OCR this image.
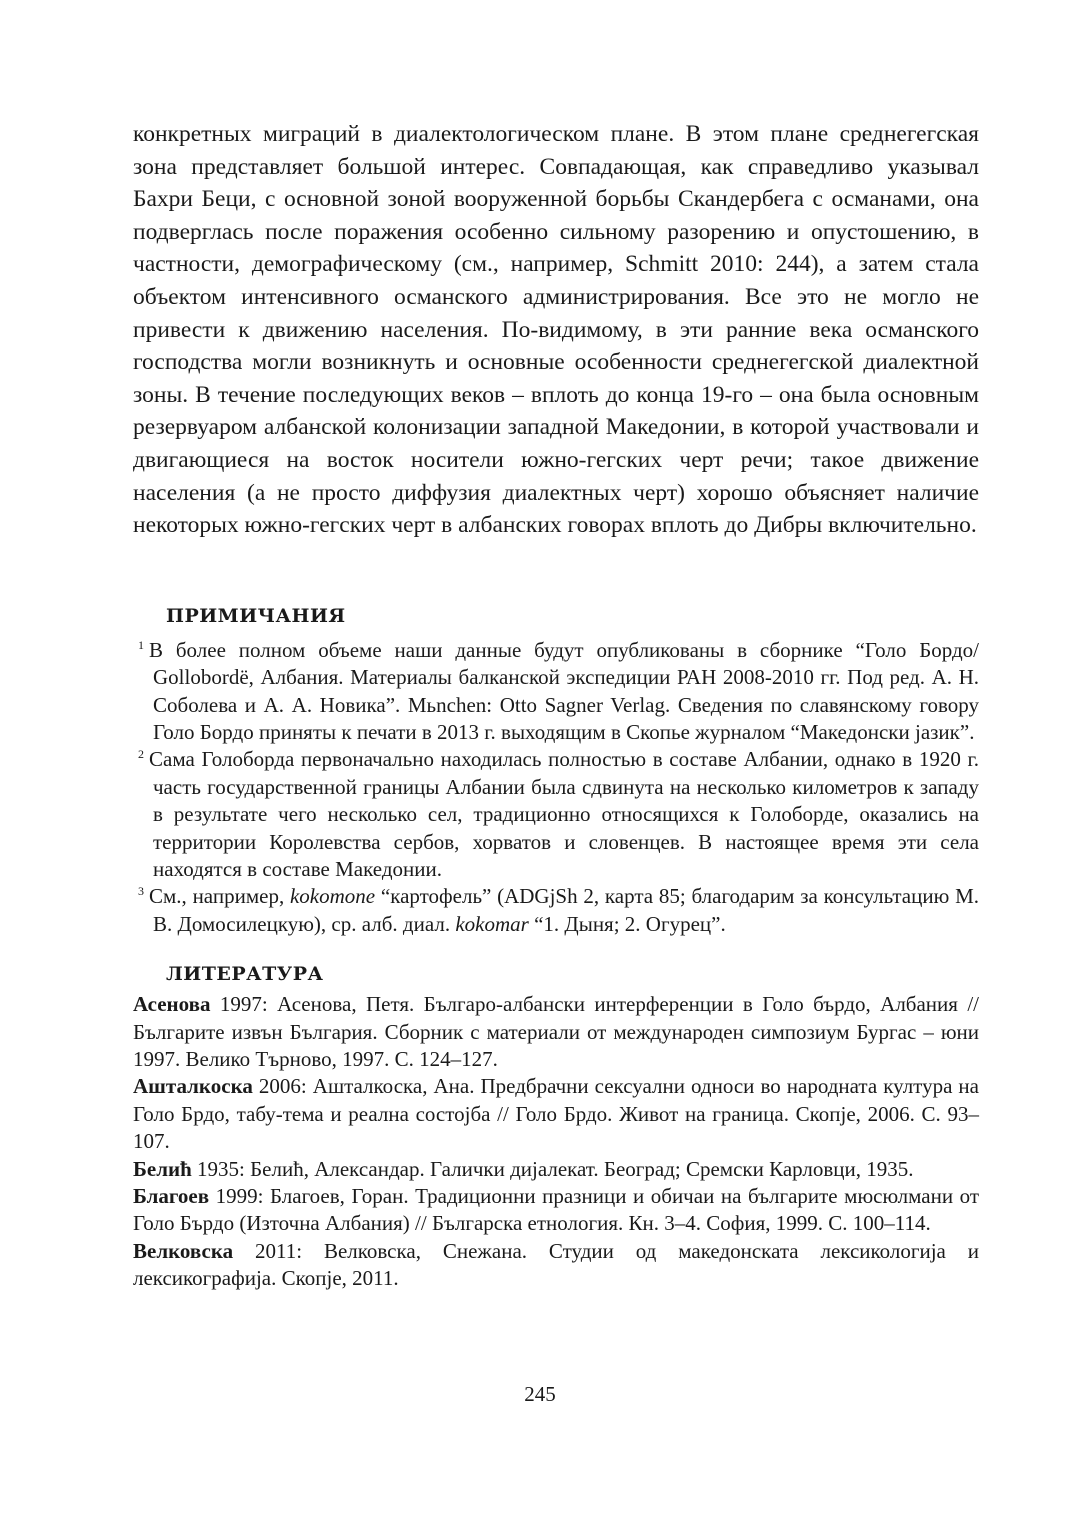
конкретных миграций в диалектологическом плане. В этом плане среднегегская зона представляет большой интерес. Совпадающая, как справедливо указывал Бахри Беци, с основной зоной вооруженной борьбы Скандербега с османами, она подверглась после поражения особенно сильному разорению и опустошению, в частности, демографическому (см., например, Schmitt 2010: 244), а затем стала объектом интенсивного османского администрирования. Все это не могло не привести к движению населения. По-видимому, в эти ранние века османского господства могли возникнуть и основные особенности среднегегской диалектной зоны. В течение последующих веков – вплоть до конца 19-го – она была основным резервуаром албанской колонизации западной Македонии, в которой участвовали и двигающиеся на восток носители южно-гегских черт речи; такое движение населения (а не просто диффузия диалектных черт) хорошо объясняет наличие некоторых южно-гегских черт в албанских говорах вплоть до Дибры включительно.

ПРИМИЧАНИЯ
$^1$ В более полном объеме наши данные будут опубликованы в сборнике “Голо Бордо/ Gollobordë, Албания. Материалы балканской экспедиции РАН 2008-2010 гг. Под ред. А. Н. Соболева и А. А. Новика”. Mьnchen: Otto Sagner Verlag. Сведения по славянскому говору Голо Бордо приняты к печати в 2013 г. выходящим в Скопье журналом “Македонски јазик”.
$^2$ Сама Голоборда первоначально находилась полностью в составе Албании, однако в 1920 г. часть государственной границы Албании была сдвинута на несколько километров к западу в результате чего несколько сел, традиционно относящихся к Голоборде, оказались на территории Королевства сербов, хорватов и словенцев. В настоящее время эти села находятся в составе Македонии.
$^3$ См., например, kokomone “картофель” (ADGjSh 2, карта 85; благодарим за консультацию М. В. Домосилецкую), ср. алб. диал. kokomar “1. Дыня; 2. Огурец”.
ЛИТЕРАТУРА
Асенова 1997: Асенова, Петя. Българо-албански интерференции в Голо бърдо, Албания // Българите извън България. Сборник с материали от международен симпозиум Бургас – юни 1997. Велико Търново, 1997. С. 124–127.
Ашталкоска 2006: Ашталкоска, Ана. Предбрачни сексуални односи во народната култура на Голо Брдо, табу-тема и реална состојба // Голо Брдо. Живот на граница. Скопје, 2006. С. 93–107.
Белић 1935: Белић, Александар. Галички дијалекат. Београд; Сремски Карловци, 1935.
Благоев 1999: Благоев, Горан. Традиционни празници и обичаи на българите мюсюлмани от Голо Бърдо (Източна Албания) // Българска етнология. Кн. 3–4. София, 1999. С. 100–114.
Велковска 2011: Велковска, Снежана. Студии од македонската лексикологија и лексикографија. Скопје, 2011.
245
